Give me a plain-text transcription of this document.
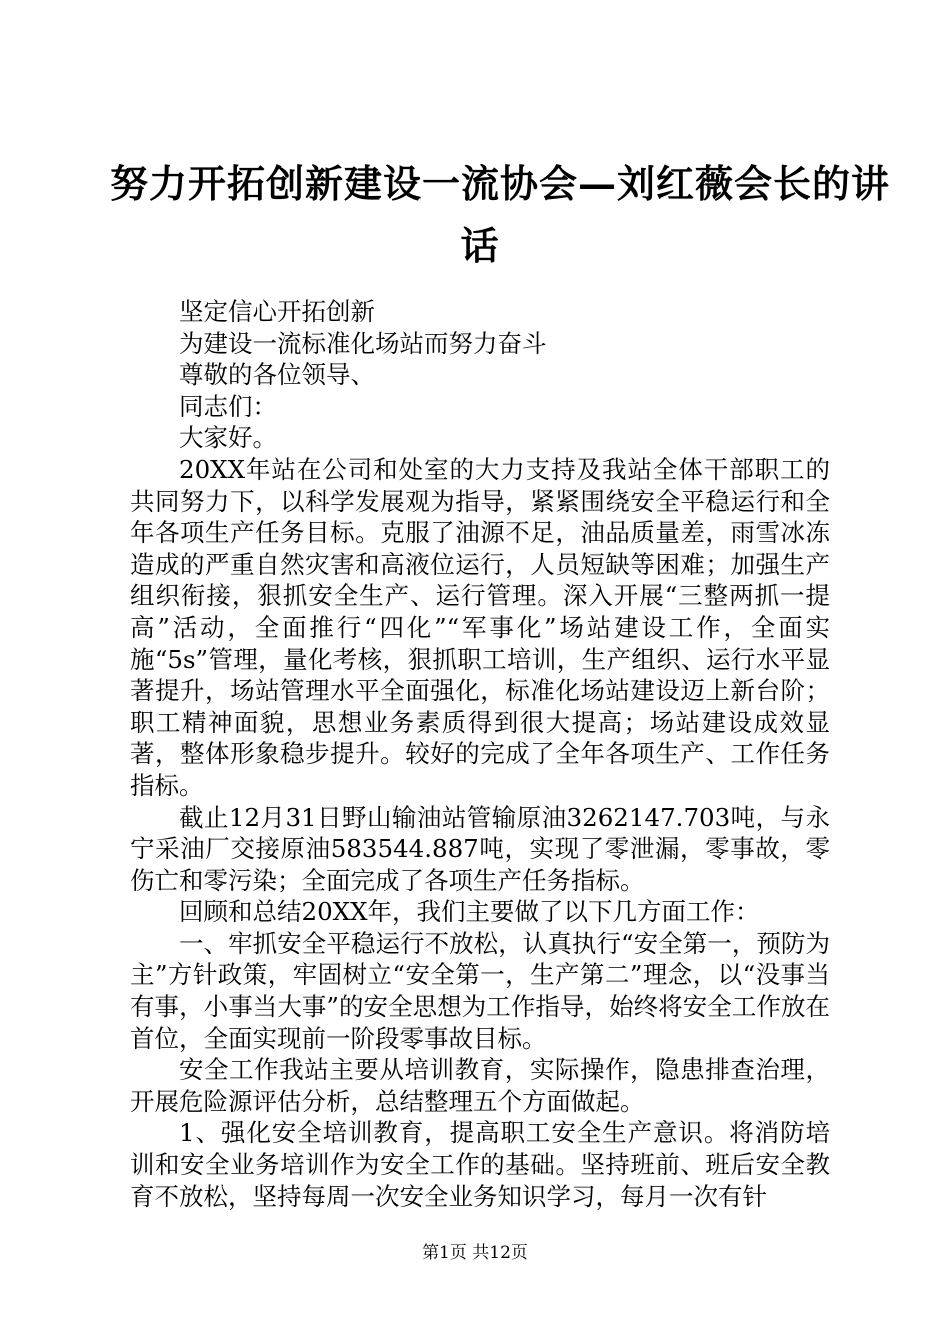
努力开拓创新建设一流协会—刘红薇会长的讲
话

坚定信心开拓创新

为建设一流标准化场站而努力奋斗

尊敬的各位领导、

同志们：

大家好。

20XX年站在公司和处室的大力支持及我站全体干部职工的共同努力下，以科学发展观为指导，紧紧围绕安全平稳运行和全年各项生产任务目标。克服了油源不足，油品质量差，雨雪冰冻造成的严重自然灾害和高液位运行，人员短缺等困难；加强生产组织衔接，狠抓安全生产、运行管理。深入开展“三整两抓一提高”活动，全面推行“四化”“军事化”场站建设工作，全面实施“5s”管理，量化考核，狠抓职工培训，生产组织、运行水平显著提升，场站管理水平全面强化，标准化场站建设迈上新台阶；职工精神面貌，思想业务素质得到很大提高；场站建设成效显著，整体形象稳步提升。较好的完成了全年各项生产、工作任务指标。

截止12月31日野山输油站管输原油3262147.703吨，与永宁采油厂交接原油583544.887吨，实现了零泄漏，零事故，零伤亡和零污染；全面完成了各项生产任务指标。

回顾和总结20XX年，我们主要做了以下几方面工作：

一、牢抓安全平稳运行不放松，认真执行“安全第一，预防为主”方针政策，牢固树立“安全第一，生产第二”理念，以“没事当有事，小事当大事”的安全思想为工作指导，始终将安全工作放在首位，全面实现前一阶段零事故目标。

安全工作我站主要从培训教育，实际操作，隐患排查治理，开展危险源评估分析，总结整理五个方面做起。

1、强化安全培训教育，提高职工安全生产意识。将消防培训和安全业务培训作为安全工作的基础。坚持班前、班后安全教育不放松，坚持每周一次安全业务知识学习，每月一次有针

第1页 共12页
